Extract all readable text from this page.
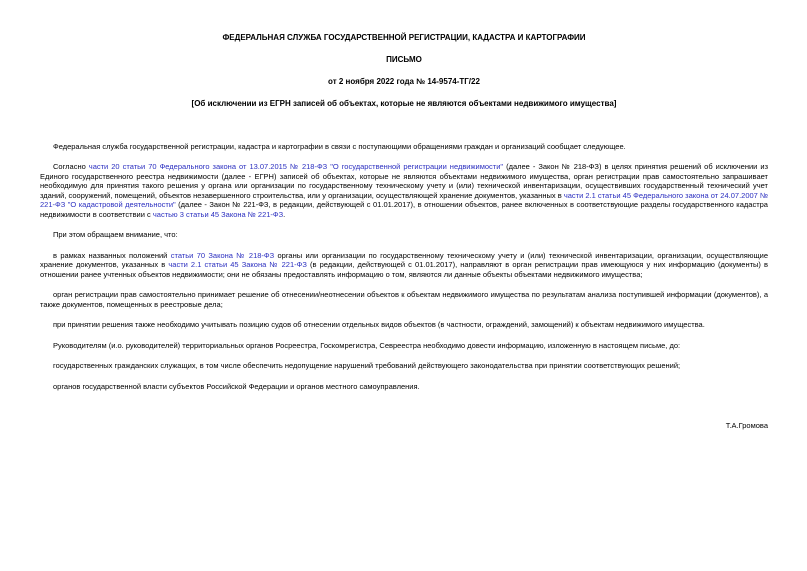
ФЕДЕРАЛЬНАЯ СЛУЖБА ГОСУДАРСТВЕННОЙ РЕГИСТРАЦИИ, КАДАСТРА И КАРТОГРАФИИ
ПИСЬМО
от 2 ноября 2022 года № 14-9574-ТГ/22
[Об исключении из ЕГРН записей об объектах, которые не являются объектами недвижимого имущества]

Федеральная служба государственной регистрации, кадастра и картографии в связи с поступающими обращениями граждан и организаций сообщает следующее.

Согласно части 20 статьи 70 Федерального закона от 13.07.2015 № 218-ФЗ "О государственной регистрации недвижимости" (далее - Закон № 218-ФЗ) в целях принятия решений об исключении из Единого государственного реестра недвижимости (далее - ЕГРН) записей об объектах, которые не являются объектами недвижимого имущества, орган регистрации прав самостоятельно запрашивает необходимую для принятия такого решения у органа или организации по государственному техническому учету и (или) технической инвентаризации, осуществивших государственный технический учет зданий, сооружений, помещений, объектов незавершенного строительства, или у организации, осуществляющей хранение документов, указанных в части 2.1 статьи 45 Федерального закона от 24.07.2007 № 221-ФЗ "О кадастровой деятельности" (далее - Закон № 221-ФЗ, в редакции, действующей с 01.01.2017), в отношении объектов, ранее включенных в соответствующие разделы государственного кадастра недвижимости в соответствии с частью 3 статьи 45 Закона № 221-ФЗ.

При этом обращаем внимание, что:

в рамках названных положений статьи 70 Закона № 218-ФЗ органы или организации по государственному техническому учету и (или) технической инвентаризации, организации, осуществляющие хранение документов, указанных в части 2.1 статьи 45 Закона № 221-ФЗ (в редакции, действующей с 01.01.2017), направляют в орган регистрации прав имеющуюся у них информацию (документы) в отношении ранее учтенных объектов недвижимости; они не обязаны предоставлять информацию о том, являются ли данные объекты объектами недвижимого имущества;

орган регистрации прав самостоятельно принимает решение об отнесении/неотнесении объектов к объектам недвижимого имущества по результатам анализа поступившей информации (документов), а также документов, помещенных в реестровые дела;

при принятии решения также необходимо учитывать позицию судов об отнесении отдельных видов объектов (в частности, ограждений, замощений) к объектам недвижимого имущества.

Руководителям (и.о. руководителей) территориальных органов Росреестра, Госкомрегистра, Севреестра необходимо довести информацию, изложенную в настоящем письме, до:

государственных гражданских служащих, в том числе обеспечить недопущение нарушений требований действующего законодательства при принятии соответствующих решений;

органов государственной власти субъектов Российской Федерации и органов местного самоуправления.

Т.А.Громова
